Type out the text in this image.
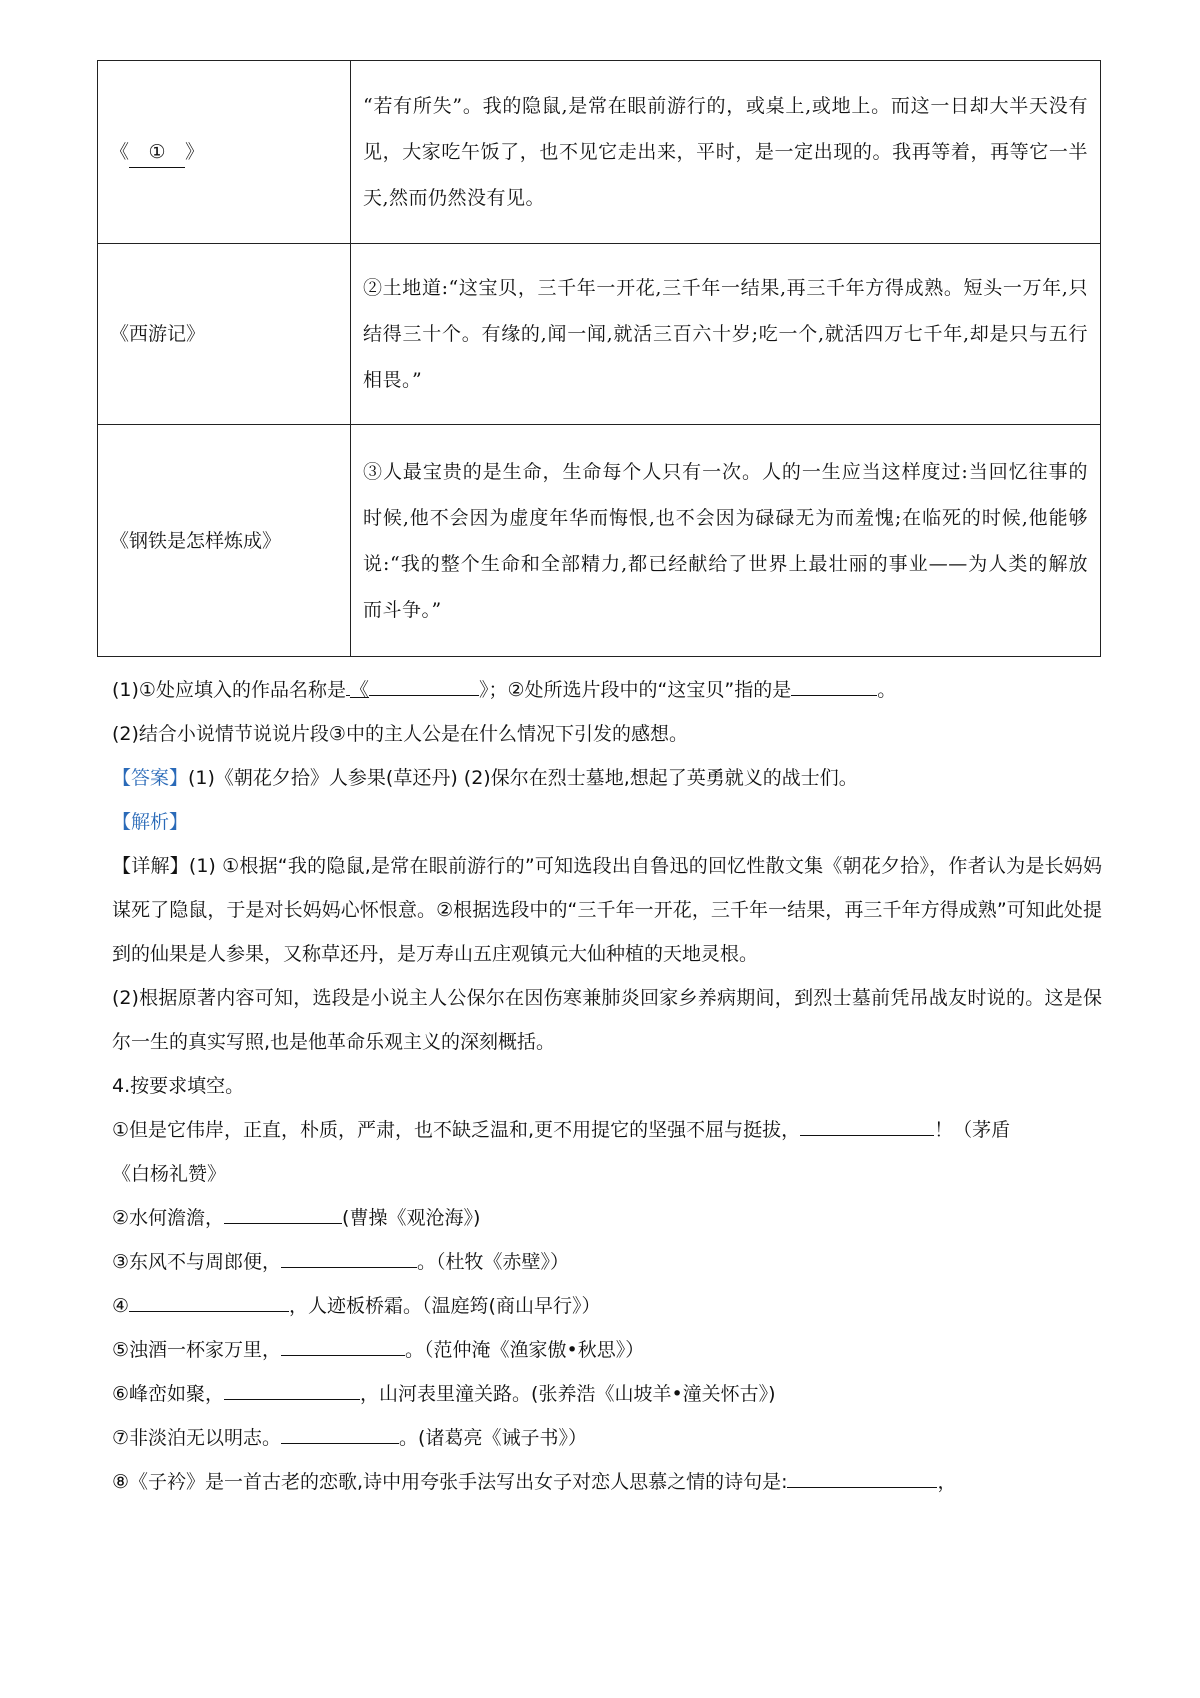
《 ① 》	“若有所失”。我的隐鼠,是常在眼前游行的，或桌上,或地上。而这一日却大半天没有见，大家吃午饭了，也不见它走出来，平时，是一定出现的。我再等着，再等它一半天,然而仍然没有见。
《西游记》	②土地道:“这宝贝，三千年一开花,三千年一结果,再三千年方得成熟。短头一万年,只结得三十个。有缘的,闻一闻,就活三百六十岁;吃一个,就活四万七千年,却是只与五行相畏。”
《钢铁是怎样炼成》	③人最宝贵的是生命，生命每个人只有一次。人的一生应当这样度过:当回忆往事的时候,他不会因为虚度年华而悔恨,也不会因为碌碌无为而羞愧;在临死的时候,他能够说:“我的整个生命和全部精力,都已经献给了世界上最壮丽的事业——为人类的解放而斗争。”
(1)①处应填入的作品名称是 《	》；②处所选片段中的“这宝贝”指的是	。
(2)结合小说情节说说片段③中的主人公是在什么情况下引发的感想。
【答案】(1)《朝花夕拾》人参果(草还丹) (2)保尔在烈士墓地,想起了英勇就义的战士们。
【解析】
【详解】(1) ①根据“我的隐鼠,是常在眼前游行的”可知选段出自鲁迅的回忆性散文集《朝花夕拾》，作者认为是长妈妈谋死了隐鼠，于是对长妈妈心怀恨意。②根据选段中的“三千年一开花，三千年一结果，再三千年方得成熟”可知此处提到的仙果是人参果，又称草还丹，是万寿山五庄观镇元大仙种植的天地灵根。
(2)根据原著内容可知，选段是小说主人公保尔在因伤寒兼肺炎回家乡养病期间，到烈士墓前凭吊战友时说的。这是保尔一生的真实写照,也是他革命乐观主义的深刻概括。
4.按要求填空。
①但是它伟岸，正直，朴质，严肃，也不缺乏温和,更不用提它的坚强不屈与挺拔，	！（茅盾
《白杨礼赞》
②水何澹澹，	(曹操《观沧海》)
③东风不与周郎便，	。（杜牧《赤壁》）
④	，人迹板桥霜。（温庭筠(商山早行》）
⑤浊酒一杯家万里，	。（范仲淹《渔家傲•秋思》）
⑥峰峦如聚，	，山河表里潼关路。(张养浩《山坡羊•潼关怀古》)
⑦非淡泊无以明志。	。(诸葛亮《诫子书》）
⑧《子衿》是一首古老的恋歌,诗中用夸张手法写出女子对恋人思慕之情的诗句是:	，
